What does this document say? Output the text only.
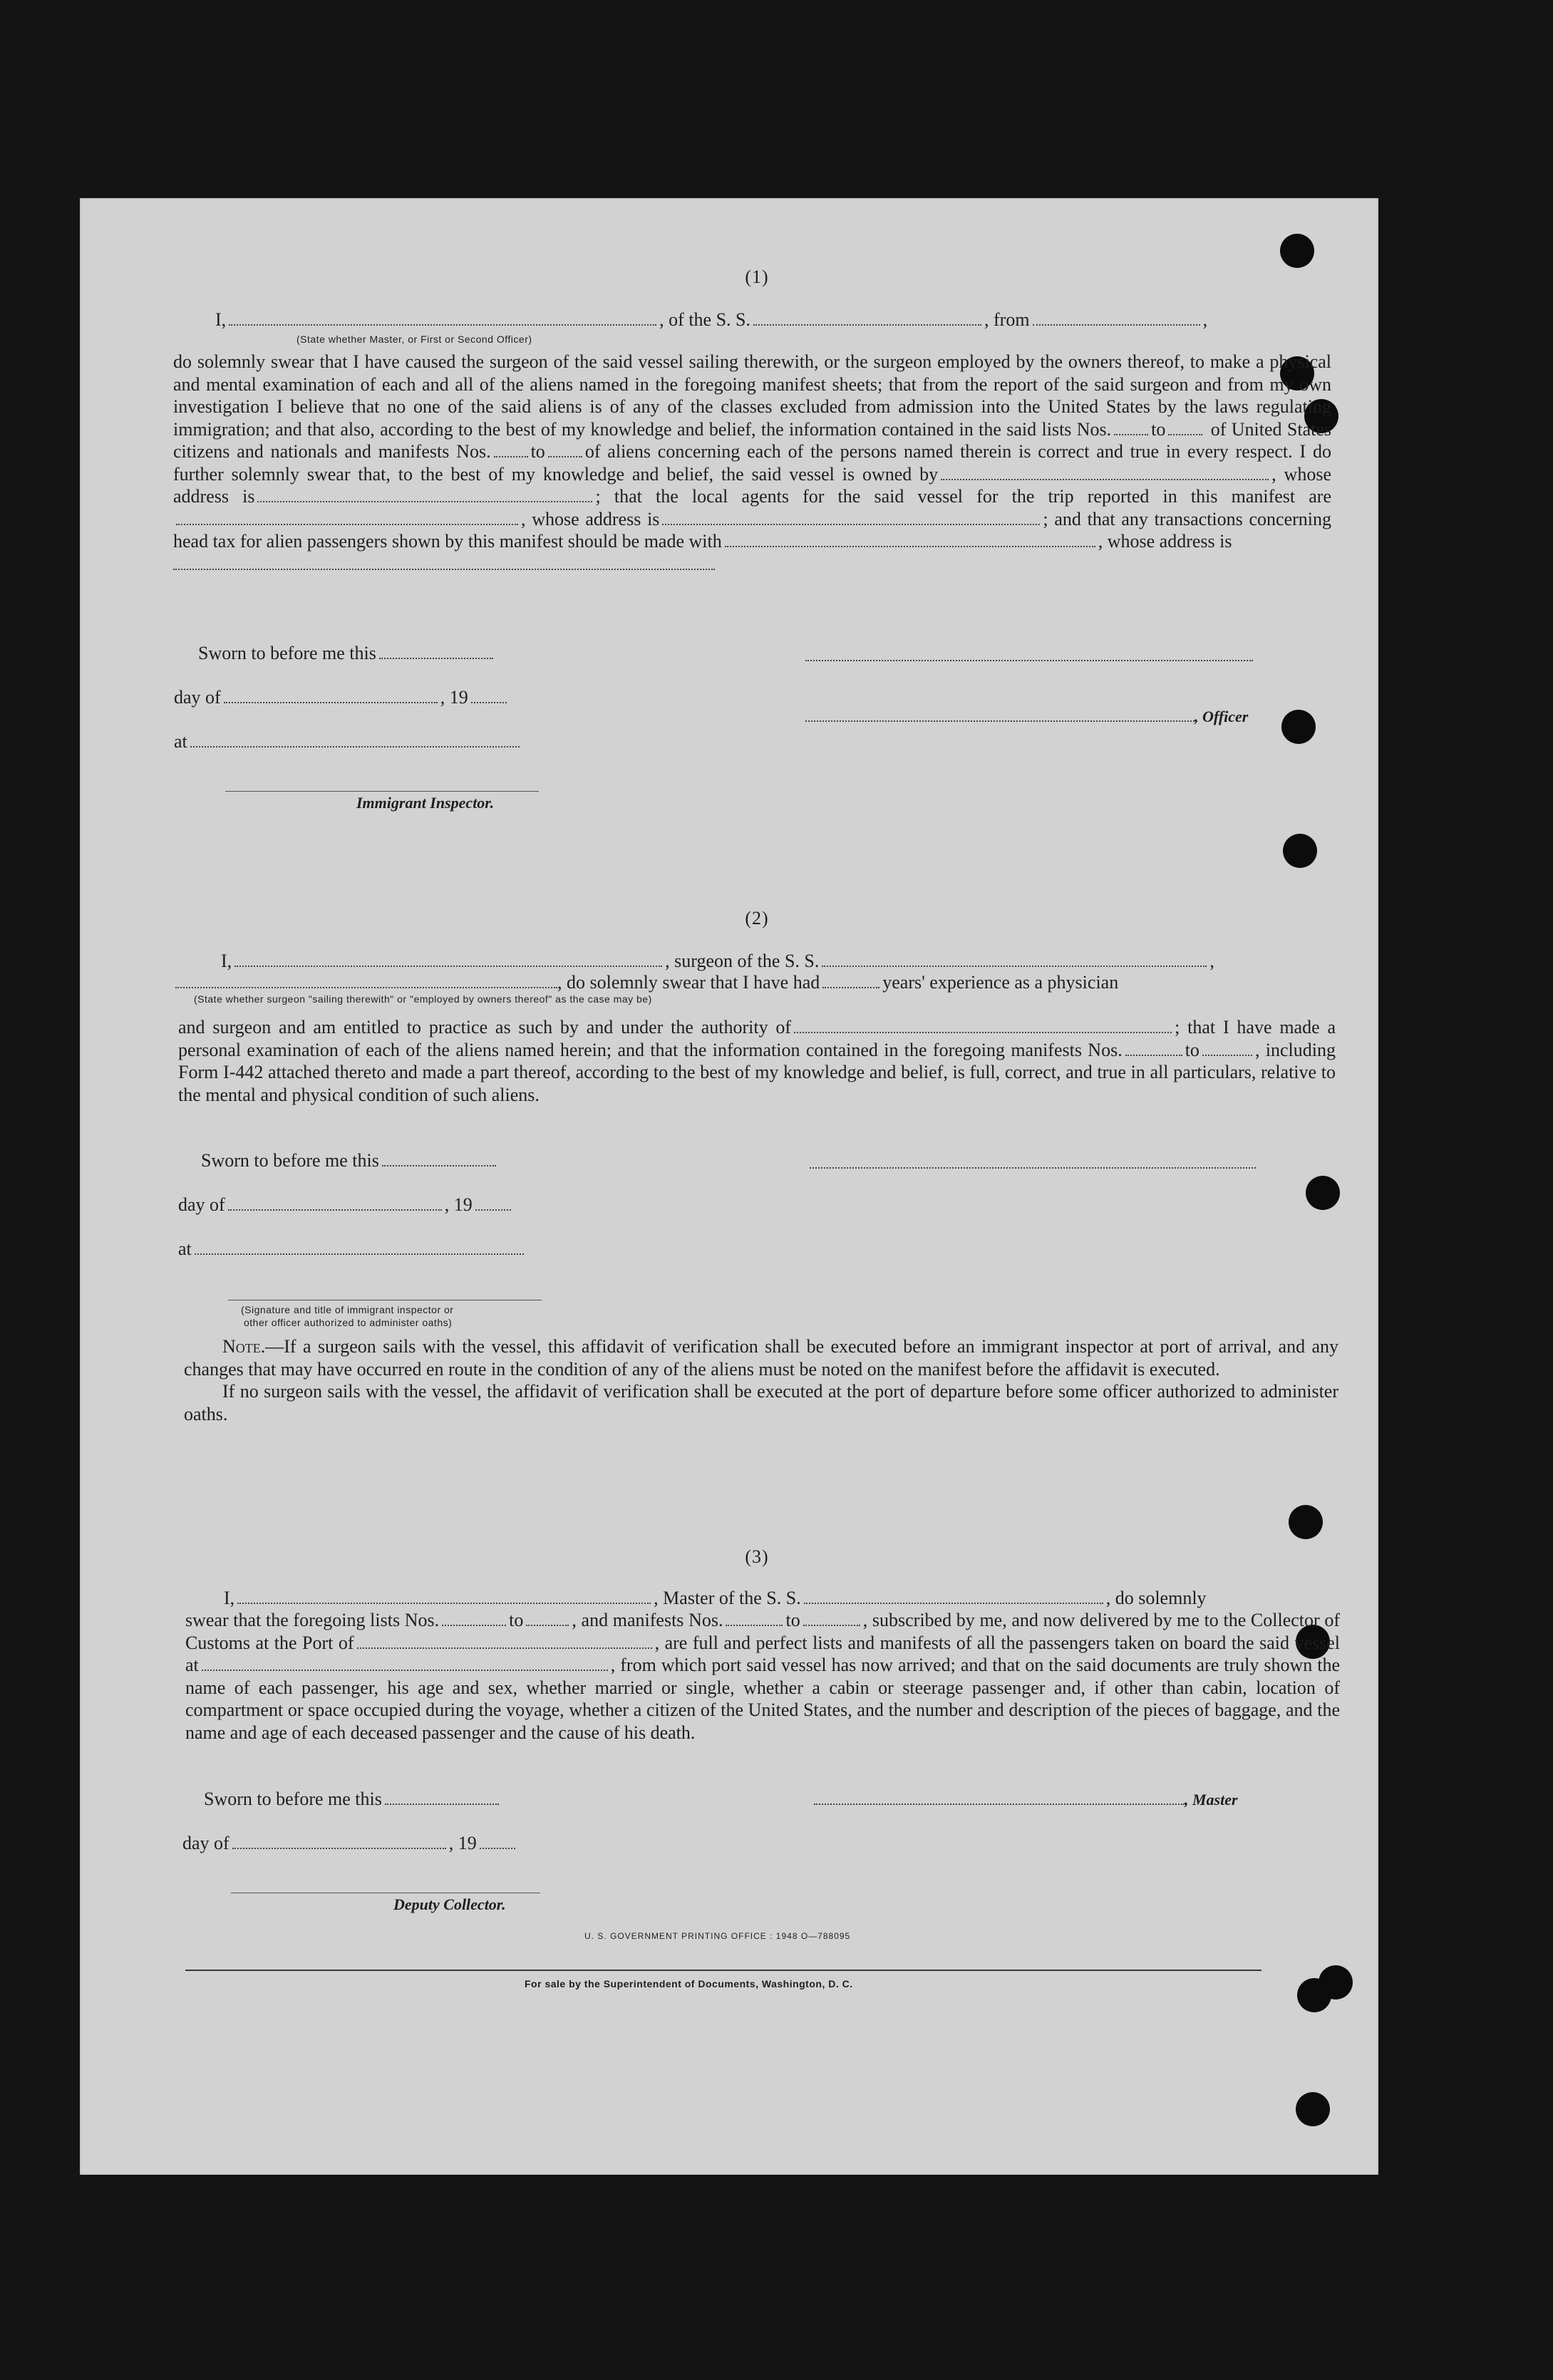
(1)
I,	, of the S. S.	, from	,
(State whether Master, or First or Second Officer)

do solemnly swear that I have caused the surgeon of the said vessel sailing therewith, or the surgeon employed by the owners thereof, to make a physical and mental examination of each and all of the aliens named in the foregoing manifest sheets; that from the report of the said surgeon and from my own investigation I believe that no one of the said aliens is of any of the classes excluded from admission into the United States by the laws regulating immigration; and that also, according to the best of my knowledge and belief, the information contained in the said lists Nos. to of United States citizens and nationals and manifests Nos. to of aliens concerning each of the persons named therein is correct and true in every respect. I do further solemnly swear that, to the best of my knowledge and belief, the said vessel is owned by	, whose address is	; that the local agents for the said vessel for the trip reported in this manifest are, whose address is	; and that any transactions concerning head tax for alien passengers shown by this manifest should be made with	, whose address is

Sworn to before me this
day of	, 19
, Officer
at
Immigrant Inspector.
(2)
I,	, surgeon of the S. S.	,
, do solemnly swear that I have had	years' experience as a physician
(State whether surgeon "sailing therewith" or "employed by owners thereof" as the case may be)

and surgeon and am entitled to practice as such by and under the authority of	; that I have made a personal examination of each of the aliens named herein; and that the information contained in the foregoing manifests Nos.	to	, including Form I-442 attached thereto and made a part thereof, according to the best of my knowledge and belief, is full, correct, and true in all particulars, relative to the mental and physical condition of such aliens.

Sworn to before me this
day of	, 19
at
(Signature and title of immigrant inspector or
other officer authorized to administer oaths)

Note.—If a surgeon sails with the vessel, this affidavit of verification shall be executed before an immigrant inspector at port of arrival, and any changes that may have occurred en route in the condition of any of the aliens must be noted on the manifest before the affidavit is executed.

If no surgeon sails with the vessel, the affidavit of verification shall be executed at the port of departure before some officer authorized to administer oaths.

(3)
I,	, Master of the S. S.	, do solemnly

swear that the foregoing lists Nos.	to	, and manifests Nos.	to	, subscribed by me, and now delivered by me to the Collector of Customs at the Port of	, are full and perfect lists and manifests of all the passengers taken on board the said vessel at	, from which port said vessel has now arrived; and that on the said documents are truly shown the name of each passenger, his age and sex, whether married or single, whether a cabin or steerage passenger and, if other than cabin, location of compartment or space occupied during the voyage, whether a citizen of the United States, and the number and description of the pieces of baggage, and the name and age of each deceased passenger and the cause of his death.

Sworn to before me this	, Master
day of	, 19
Deputy Collector.
U. S. GOVERNMENT PRINTING OFFICE : 1948 O—788095
For sale by the Superintendent of Documents, Washington, D. C.
